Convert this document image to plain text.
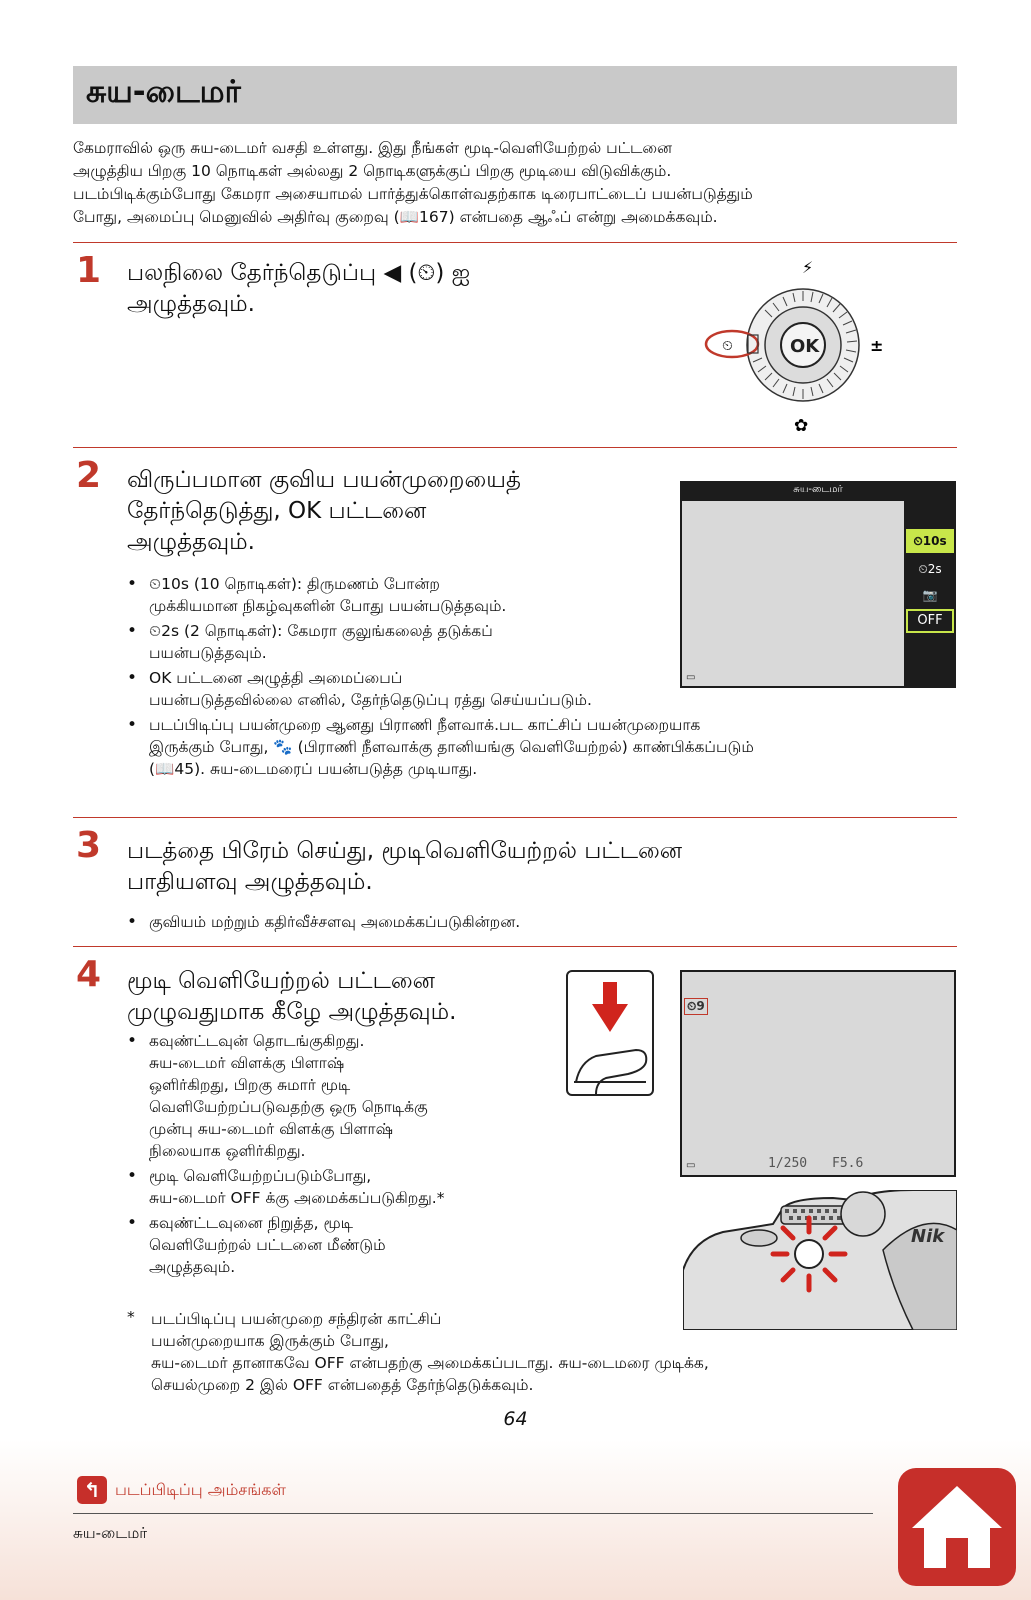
சுய-டைமர்

கேமராவில் ஒரு சுய-டைமர் வசதி உள்ளது. இது நீங்கள் மூடி-வெளியேற்றல் பட்டனை

அழுத்திய பிறகு 10 நொடிகள் அல்லது 2 நொடிகளுக்குப் பிறகு மூடியை விடுவிக்கும்.

படம்பிடிக்கும்போது கேமரா அசையாமல் பார்த்துக்கொள்வதற்காக டிரைபாட்டைப் பயன்படுத்தும்

போது, அமைப்பு மெனுவில் அதிர்வு குறைவு (📖167) என்பதை ஆஃப் என்று அமைக்கவும்.

1 பலநிலை தேர்ந்தெடுப்பு ◀ (⏲) ஐ

அழுத்தவும்.

⚡
±
✿
OK
⏲
2 விருப்பமான குவிய பயன்முறையைத்

தேர்ந்தெடுத்து, OK பட்டனை

அழுத்தவும்.

• ⏲10s (10 நொடிகள்): திருமணம் போன்ற
முக்கியமான நிகழ்வுகளின் போது பயன்படுத்தவும்.
• ⏲2s (2 நொடிகள்): கேமரா குலுங்கலைத் தடுக்கப்
பயன்படுத்தவும்.
• OK பட்டனை அழுத்தி அமைப்பைப்
பயன்படுத்தவில்லை எனில், தேர்ந்தெடுப்பு ரத்து செய்யப்படும்.
• படப்பிடிப்பு பயன்முறை ஆனது பிராணி நீளவாக்.பட காட்சிப் பயன்முறையாக
இருக்கும் போது, 🐾 (பிராணி நீளவாக்கு தானியங்கு வெளியேற்றல்) காண்பிக்கப்படும்
(📖45). சுய-டைமரைப் பயன்படுத்த முடியாது.
சுய-டைமர்
▭
⏲10s
⏲2s
📷
OFF
3 படத்தை பிரேம் செய்து, மூடிவெளியேற்றல் பட்டனை

பாதியளவு அழுத்தவும்.

• குவியம் மற்றும் கதிர்வீச்சளவு அமைக்கப்படுகின்றன.
4 மூடி வெளியேற்றல் பட்டனை

முழுவதுமாக கீழே அழுத்தவும்.

• கவுண்ட்டவுன் தொடங்குகிறது.
சுய-டைமர் விளக்கு பிளாஷ்
ஒளிர்கிறது, பிறகு சுமார் மூடி
வெளியேற்றப்படுவதற்கு ஒரு நொடிக்கு
முன்பு சுய-டைமர் விளக்கு பிளாஷ்
நிலையாக ஒளிர்கிறது.
• மூடி வெளியேற்றப்படும்போது,
சுய-டைமர் OFF க்கு அமைக்கப்படுகிறது.*
• கவுண்ட்டவுனை நிறுத்த, மூடி
வெளியேற்றல் பட்டனை மீண்டும்
அழுத்தவும்.
⏲9
▭	1/250 F5.6
Nik
* படப்பிடிப்பு பயன்முறை சந்திரன் காட்சிப்

பயன்முறையாக இருக்கும் போது,

சுய-டைமர் தானாகவே OFF என்பதற்கு அமைக்கப்படாது. சுய-டைமரை முடிக்க,

செயல்முறை 2 இல் OFF என்பதைத் தேர்ந்தெடுக்கவும்.

64
↰ படப்பிடிப்பு அம்சங்கள்
சுய-டைமர்
